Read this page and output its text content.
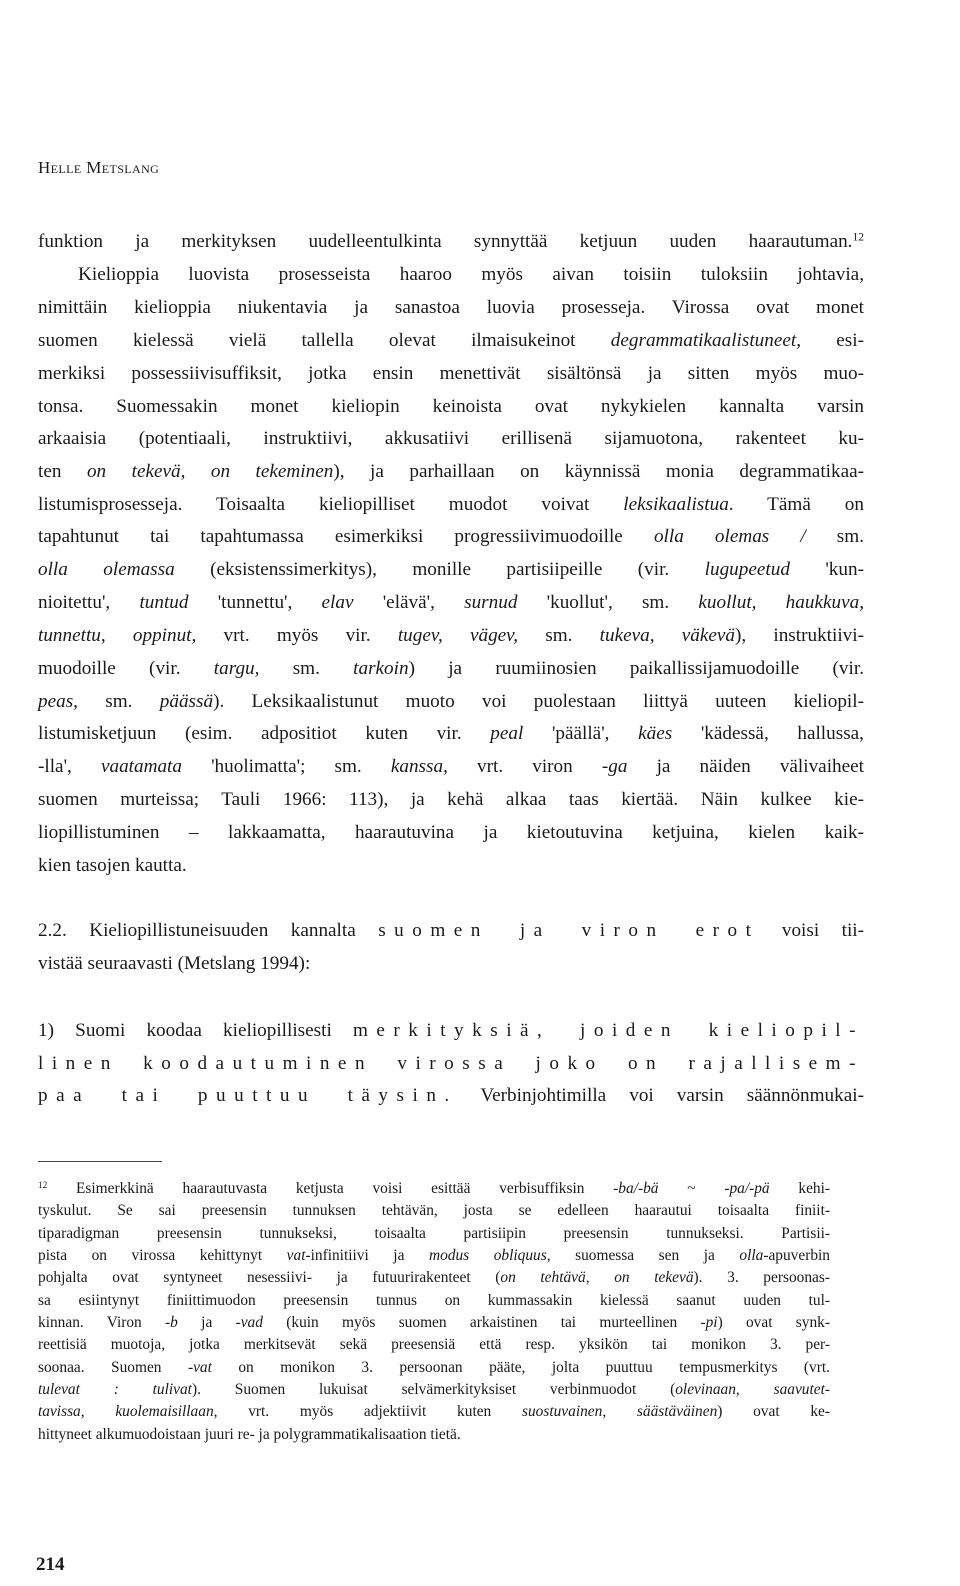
Helle Metslang
funktion ja merkityksen uudelleentulkinta synnyttää ketjuun uuden haarautuman.$^{12}$
Kielioppia luovista prosesseista haaroo myös aivan toisiin tuloksiin johtavia,
nimittäin kielioppia niukentavia ja sanastoa luovia prosesseja. Virossa ovat monet
suomen kielessä vielä tallella olevat ilmaisukeinot degrammatikaalistuneet, esi-
merkiksi possessiivisuffiksit, jotka ensin menettivät sisältönsä ja sitten myös muo-
tonsa. Suomessakin monet kieliopin keinoista ovat nykykielen kannalta varsin
arkaaisia (potentiaali, instruktiivi, akkusatiivi erillisenä sijamuotona, rakenteet ku-
ten on tekevä, on tekeminen), ja parhaillaan on käynnissä monia degrammatikaa-
listumisprosesseja. Toisaalta kieliopilliset muodot voivat leksikaalistua. Tämä on
tapahtunut tai tapahtumassa esimerkiksi progressiivimuodoille olla olemas / sm.
olla olemassa (eksistenssimerkitys), monille partisiipeille (vir. lugupeetud 'kun-
nioitettu', tuntud 'tunnettu', elav 'elävä', surnud 'kuollut', sm. kuollut, haukkuva,
tunnettu, oppinut, vrt. myös vir. tugev, vägev, sm. tukeva, väkevä), instruktiivi-
muodoille (vir. targu, sm. tarkoin) ja ruumiinosien paikallissijamuodoille (vir.
peas, sm. päässä). Leksikaalistunut muoto voi puolestaan liittyä uuteen kieliopil-
listumisketjuun (esim. adpositiot kuten vir. peal 'päällä', käes 'kädessä, hallussa,
-lla', vaatamata 'huolimatta'; sm. kanssa, vrt. viron -ga ja näiden välivaiheet
suomen murteissa; Tauli 1966: 113), ja kehä alkaa taas kiertää. Näin kulkee kie-
liopillistuminen – lakkaamatta, haarautuvina ja kietoutuvina ketjuina, kielen kaik-
kien tasojen kautta.
2.2. Kieliopillistuneisuuden kannalta suomen ja viron erot voisi tii-
vistää seuraavasti (Metslang 1994):
1) Suomi koodaa kieliopillisesti merkityksiä, joiden kieliopil-
linen koodautuminen virossa joko on rajallisem-
paa tai puuttuu täysin. Verbinjohtimilla voi varsin säännönmukai-
$^{12}$ Esimerkkinä haarautuvasta ketjusta voisi esittää verbisuffiksin -ba/-bä ~ -pa/-pä kehi-
tyskulut. Se sai preesensin tunnuksen tehtävän, josta se edelleen haarautui toisaalta finiit-
tiparadigman preesensin tunnukseksi, toisaalta partisiipin preesensin tunnukseksi. Partisii-
pista on virossa kehittynyt vat-infinitiivi ja modus obliquus, suomessa sen ja olla-apuverbin
pohjalta ovat syntyneet nesessiivi- ja futuurirakenteet (on tehtävä, on tekevä). 3. persoonas-
sa esiintynyt finiittimuodon preesensin tunnus on kummassakin kielessä saanut uuden tul-
kinnan. Viron -b ja -vad (kuin myös suomen arkaistinen tai murteellinen -pi) ovat synk-
reettisiä muotoja, jotka merkitsevät sekä preesensiä että resp. yksikön tai monikon 3. per-
soonaa. Suomen -vat on monikon 3. persoonan pääte, jolta puuttuu tempusmerkitys (vrt.
tulevat : tulivat). Suomen lukuisat selvämerkityksiset verbinmuodot (olevinaan, saavutet-
tavissa, kuolemaisillaan, vrt. myös adjektiivit kuten suostuvainen, säästäväinen) ovat ke-
hittyneet alkumuodoistaan juuri re- ja polygrammatikalisaation tietä.
214
